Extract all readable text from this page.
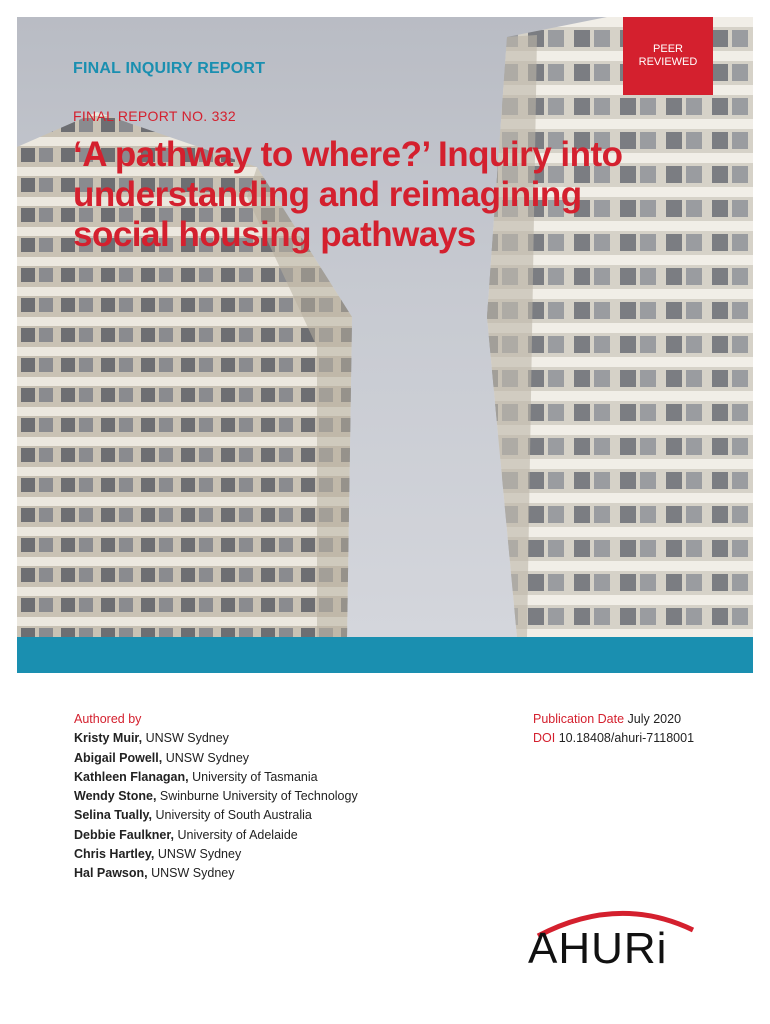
PEER
REVIEWED
FINAL INQUIRY REPORT
FINAL REPORT NO. 332
‘A pathway to where?’ Inquiry into understanding and reimagining social housing pathways
Authored by
Kristy Muir, UNSW Sydney
Abigail Powell, UNSW Sydney
Kathleen Flanagan, University of Tasmania
Wendy Stone, Swinburne University of Technology
Selina Tually, University of South Australia
Debbie Faulkner, University of Adelaide
Chris Hartley, UNSW Sydney
Hal Pawson, UNSW Sydney
Publication Date July 2020
DOI 10.18408/ahuri-7118001
AHURi
